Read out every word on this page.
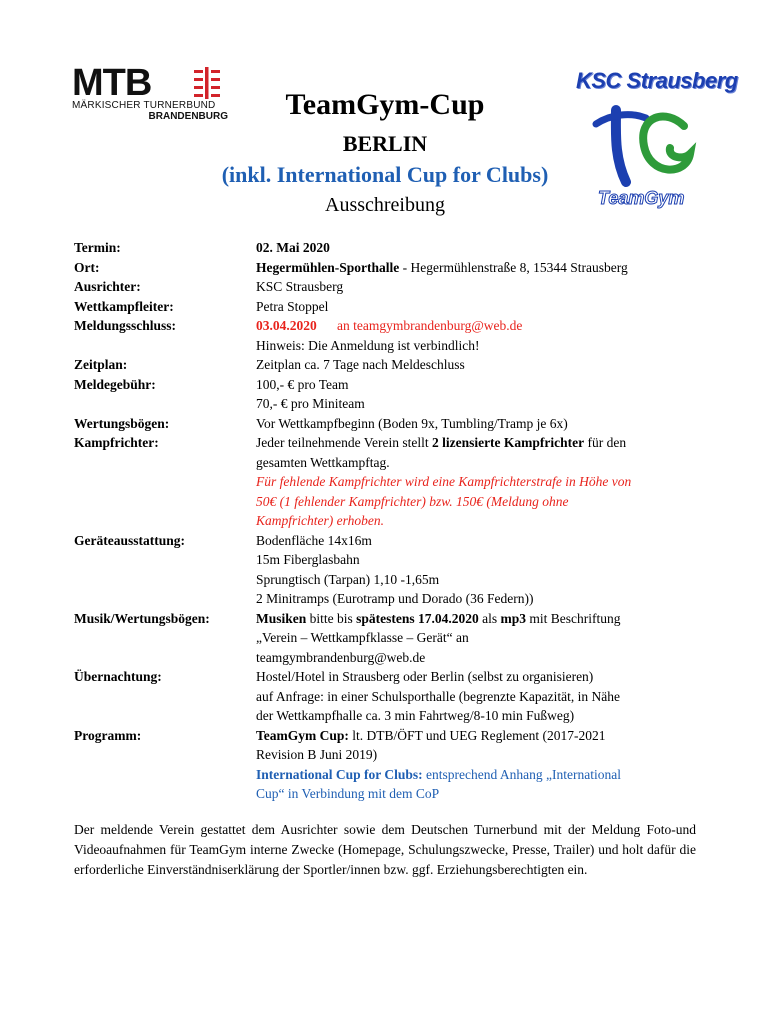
MTB
MÄRKISCHER TURNERBUND
BRANDENBURG	TeamGym-Cup
BERLIN
(inkl. International Cup for Clubs)
Ausschreibung
KSC Strausberg
TeamGym
Termin:	02. Mai 2020
Ort:	Hegermühlen-Sporthalle - Hegermühlenstraße 8, 15344 Strausberg
Ausrichter:	KSC Strausberg
Wettkampfleiter:	Petra Stoppel
Meldungsschluss:	03.04.2020 an teamgymbrandenburg@web.de
Hinweis: Die Anmeldung ist verbindlich!
Zeitplan:	Zeitplan ca. 7 Tage nach Meldeschluss
Meldegebühr:	100,- € pro Team
70,- € pro Miniteam
Wertungsbögen:	Vor Wettkampfbeginn (Boden 9x, Tumbling/Tramp je 6x)
Kampfrichter:	Jeder teilnehmende Verein stellt 2 lizensierte Kampfrichter für den
gesamten Wettkampftag.
Für fehlende Kampfrichter wird eine Kampfrichterstrafe in Höhe von
50€ (1 fehlender Kampfrichter) bzw. 150€ (Meldung ohne
Kampfrichter) erhoben.
Geräteausstattung:	Bodenfläche 14x16m
15m Fiberglasbahn
Sprungtisch (Tarpan) 1,10 -1,65m
2 Minitramps (Eurotramp und Dorado (36 Federn))
Musik/Wertungsbögen:	Musiken bitte bis spätestens 17.04.2020 als mp3 mit Beschriftung
„Verein – Wettkampfklasse – Gerät“ an
teamgymbrandenburg@web.de
Übernachtung:	Hostel/Hotel in Strausberg oder Berlin (selbst zu organisieren)
auf Anfrage: in einer Schulsporthalle (begrenzte Kapazität, in Nähe
der Wettkampfhalle ca. 3 min Fahrtweg/8-10 min Fußweg)
Programm:	TeamGym Cup: lt. DTB/ÖFT und UEG Reglement (2017-2021
Revision B Juni 2019)
International Cup for Clubs: entsprechend Anhang „International
Cup“ in Verbindung mit dem CoP
Der meldende Verein gestattet dem Ausrichter sowie dem Deutschen Turnerbund mit der Meldung Foto-und Videoaufnahmen für TeamGym interne Zwecke (Homepage, Schulungszwecke, Presse, Trailer) und holt dafür die erforderliche Einverständniserklärung der Sportler/innen bzw. ggf. Erziehungsberechtigten ein.
